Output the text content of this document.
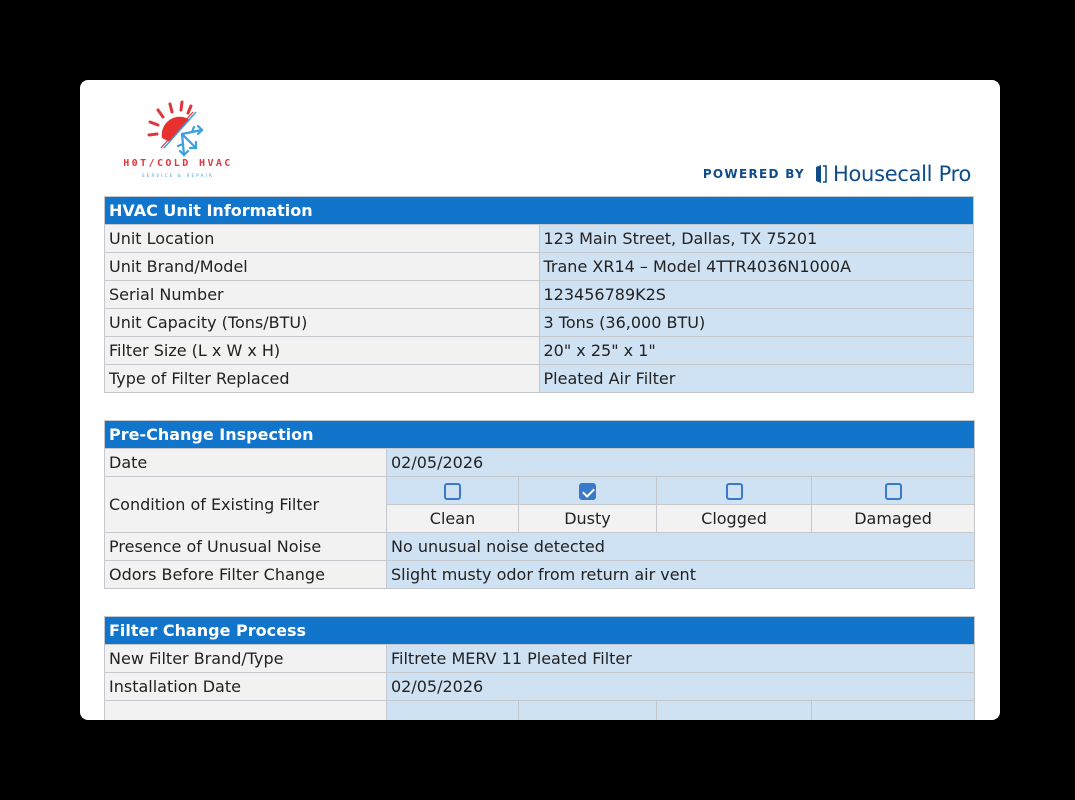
H0T/COLD HVAC
SERVICE & REPAIR	POWERED BY Housecall Pro
HVAC Unit Information	
Unit Location	123 Main Street, Dallas, TX 75201
Unit Brand/Model	Trane XR14 – Model 4TTR4036N1000A
Serial Number	123456789K2S
Unit Capacity (Tons/BTU)	3 Tons (36,000 BTU)
Filter Size (L x W x H)	20" x 25" x 1"
Type of Filter Replaced	Pleated Air Filter
Pre-Change Inspection				
Date	02/05/2026			
Condition of Existing Filter				
	Clean	Dusty	Clogged	Damaged
Presence of Unusual Noise	No unusual noise detected			
Odors Before Filter Change	Slight musty odor from return air vent			
Filter Change Process				
New Filter Brand/Type	Filtrete MERV 11 Pleated Filter			
Installation Date	02/05/2026			
